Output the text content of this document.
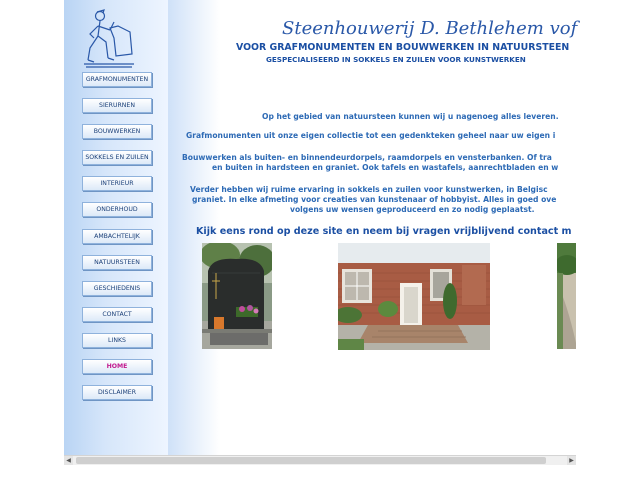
GRAFMONUMENTEN
SIERURNEN
BOUWWERKEN
SOKKELS EN ZUILEN
INTERIEUR
ONDERHOUD
AMBACHTELIJK
NATUURSTEEN
GESCHIEDENIS
CONTACT
LINKS
HOME
DISCLAIMER
Steenhouwerij D. Bethlehem vof
VOOR GRAFMONUMENTEN EN BOUWWERKEN IN NATUURSTEEN
GESPECIALISEERD IN SOKKELS EN ZUILEN VOOR KUNSTWERKEN
Op het gebied van natuursteen kunnen wij u nagenoeg alles leveren.
Grafmonumenten uit onze eigen collectie tot een gedenkteken geheel naar uw eigen i
Bouwwerken als buiten- en binnendeurdorpels, raamdorpels en vensterbanken. Of tra
en buiten in hardsteen en graniet. Ook tafels en wastafels, aanrechtbladen en w
Verder hebben wij ruime ervaring in sokkels en zuilen voor kunstwerken, in Belgisc
graniet. In elke afmeting voor creaties van kunstenaar of hobbyist. Alles in goed ove
volgens uw wensen geproduceerd en zo nodig geplaatst.
Kijk eens rond op deze site en neem bij vragen vrijblijvend contact m
◀	▶
